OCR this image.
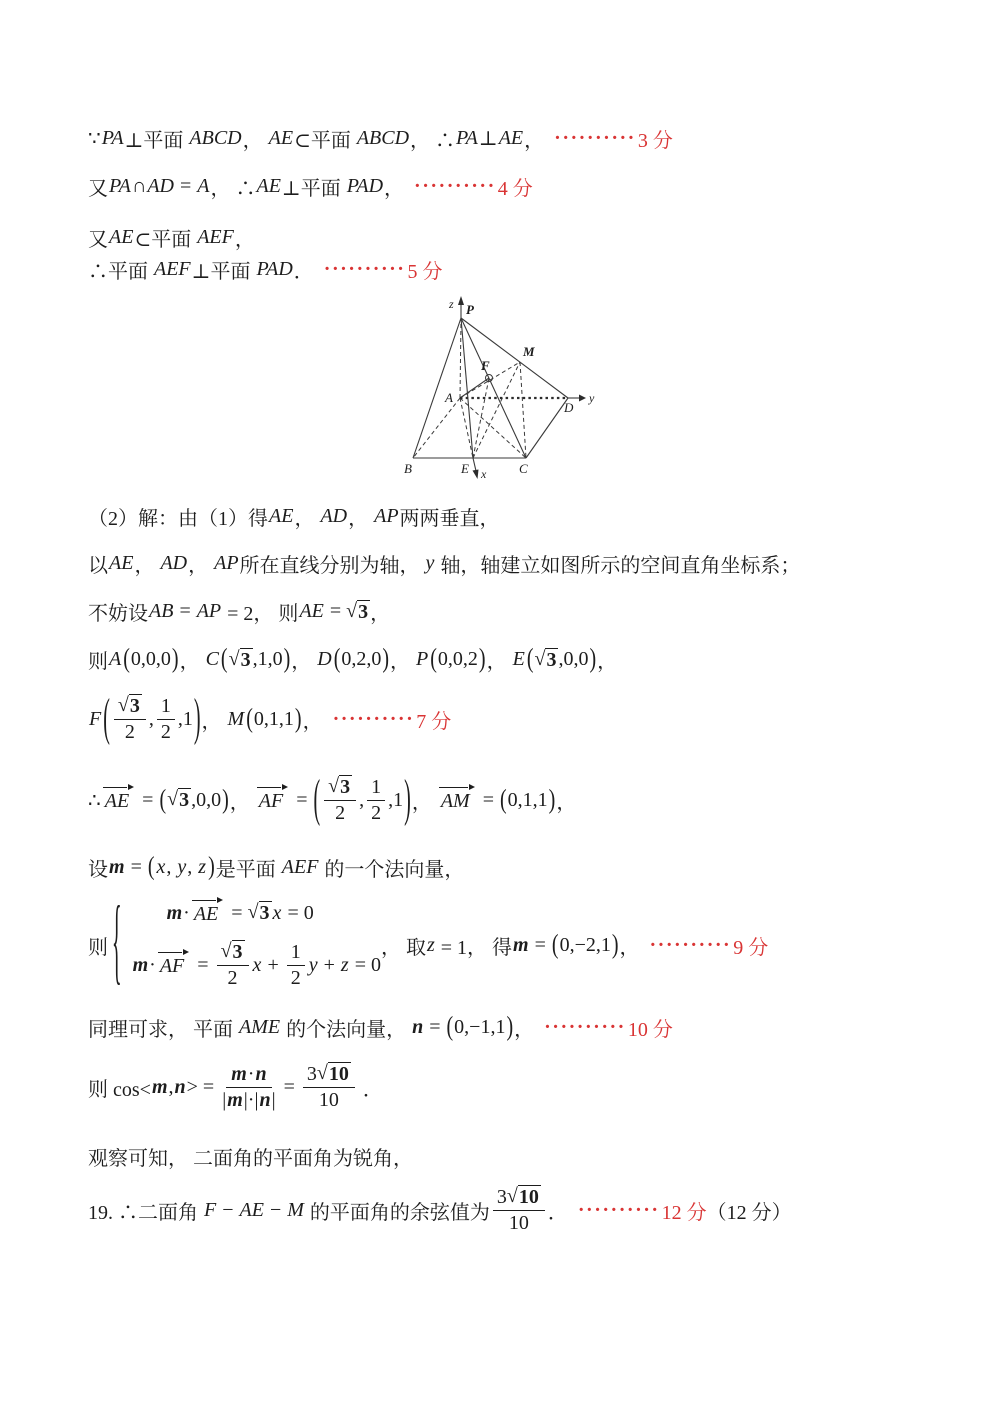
∵ PA ⊥平面 ABCD ， AE ⊂平面 ABCD ， ∴ PA ⊥ AE ， ·········· 3 分
又 PA ∩ AD = A ， ∴ AE ⊥平面 PAD ， ·········· 4 分
又 AE ⊂平面 AEF ，
∴平面 AEF ⊥平面 PAD ． ·········· 5 分
（2）解：由（1）得 AE ， AD ， AP 两两垂直，
以 AE ， AD ， AP 所在直线分别为轴， y 轴，轴建立如图所示的空间直角坐标系；
不妨设 AB = AP = 2， 则 AE = √ 3 ，
则 A ( 0,0,0 ) ， C ( √ 3 ,1,0 ) ， D ( 0,2,0 ) ， P ( 0,0,2 ) ， E ( √ 3 ,0,0 ) ，
F ( $\frac{√ 3}{2}$ , $\frac{1}{2} ,1$ ) ， M ( 0,1,1 ) ， ·········· 7 分
∴ AE = ( √ 3 ,0,0 ) ， AF = ( $\frac{√ 3}{2}$ , $\frac{1}{2} ,1$ ) ， AM = ( 0,1,1 ) ，
设 m = ( x , y , z ) 是平面 AEF 的一个法向量，
则 { m · AE = √ 3 x = 0
m · AF = $\frac{√ 3}{2}$ $x + \frac{1}{2}$ y + z = 0
， 取 z = 1， 得 m = ( 0,−2,1 ) ， ·········· 9 分
同理可求， 平面 AME 的个法向量， n = ( 0,−1,1 ) ， ·········· 10 分
则 cos< m , n > = $\frac{m \cdot n}{| m |\cdot| n |} = \frac{3 √ 10}{10}$ ．
观察可知， 二面角的平面角为锐角，
19. ∴二面角 F − AE − M 的平面角的余弦值为 $\frac{3 √ 10}{10}$ ． ·········· 12 分 （12 分）
P
z
M
F
A
D
y
B	E x	C
